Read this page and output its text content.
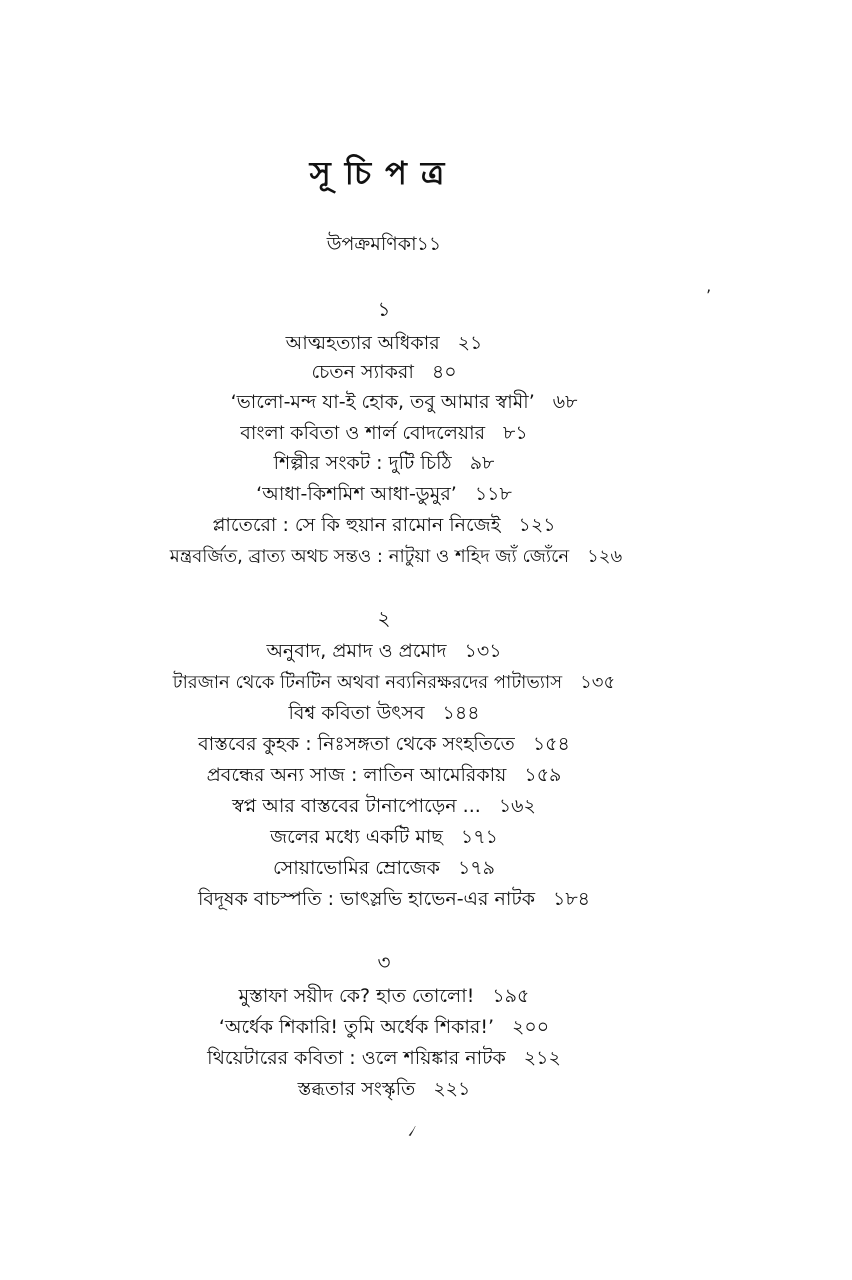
সূচিপত্র
উপক্রমণিকা১১
’
১
আত্মহত্যার অধিকার ২১
চেতন স্যাকরা ৪০
‘ভালো-মন্দ যা-ই হোক, তবু আমার স্বামী’ ৬৮
বাংলা কবিতা ও শার্ল বোদলেয়ার ৮১
শিল্পীর সংকট : দুটি চিঠি ৯৮
‘আধা-কিশমিশ আধা-ডুমুর’ ১১৮
প্লাতেরো : সে কি হুয়ান রামোন নিজেই ১২১
মন্ত্রবর্জিত, ব্রাত্য অথচ সন্তও : নাটুয়া ও শহিদ জ্যঁ জ্যেঁনে ১২৬
২
অনুবাদ, প্রমাদ ও প্রমোদ ১৩১
টারজান থেকে টিনটিন অথবা নব্যনিরক্ষরদের পাটাভ্যাস ১৩৫
বিশ্ব কবিতা উৎসব ১৪৪
বাস্তবের কুহক : নিঃসঙ্গতা থেকে সংহতিতে ১৫৪
প্রবন্ধের অন্য সাজ : লাতিন আমেরিকায় ১৫৯
স্বপ্ন আর বাস্তবের টানাপোড়েন ... ১৬২
জলের মধ্যে একটি মাছ ১৭১
সোয়াভোমির ম্রোজেক ১৭৯
বিদূষক বাচস্পতি : ভাৎস্লভি হাভেন-এর নাটক ১৮৪
৩
মুস্তাফা সয়ীদ কে? হাত তোলো! ১৯৫
‘অর্ধেক শিকারি! তুমি অর্ধেক শিকার!’ ২০০
থিয়েটারের কবিতা : ওলে শয়িঙ্কার নাটক ২১২
স্তব্ধতার সংস্কৃতি ২২১
৴
